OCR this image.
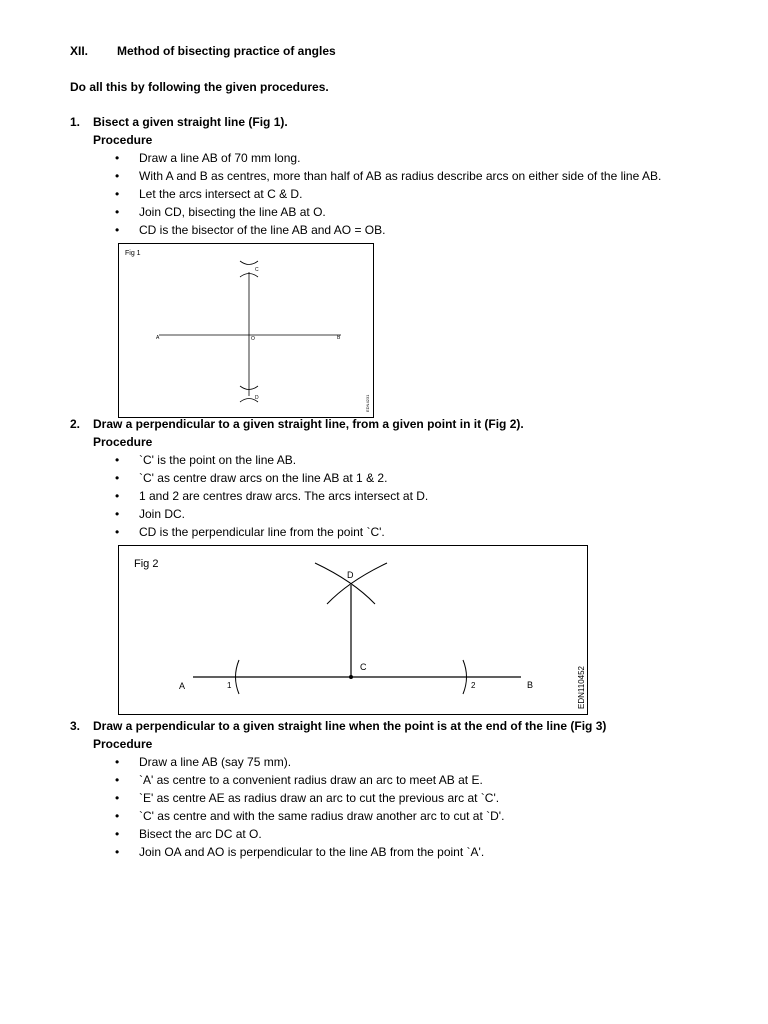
XII. Method of bisecting practice of angles
Do all this by following the given procedures.
1. Bisect a given straight line (Fig 1).
Procedure
• Draw a line AB of 70 mm long.
• With A and B as centres, more than half of AB as radius describe arcs on either side of the line AB.
• Let the arcs intersect at C & D.
• Join CD, bisecting the line AB at O.
• CD is the bisector of the line AB and AO = OB.
Fig 1
A	B
C
D
O
EDN4231
2. Draw a perpendicular to a given straight line, from a given point in it (Fig 2).
Procedure
• `C' is the point on the line AB.
• `C' as centre draw arcs on the line AB at 1 & 2.
• 1 and 2 are centres draw arcs. The arcs intersect at D.
• Join DC.
• CD is the perpendicular line from the point `C'.
Fig 2
D
C
A	B
1	2	EDN110452
3. Draw a perpendicular to a given straight line when the point is at the end of the line (Fig 3)
Procedure
• Draw a line AB (say 75 mm).
• `A' as centre to a convenient radius draw an arc to meet AB at E.
• `E' as centre AE as radius draw an arc to cut the previous arc at `C'.
• `C' as centre and with the same radius draw another arc to cut at `D'.
• Bisect the arc DC at O.
• Join OA and AO is perpendicular to the line AB from the point `A'.
